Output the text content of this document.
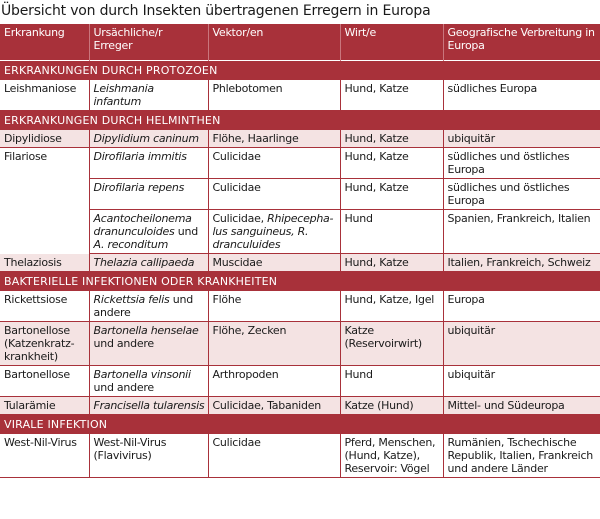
Übersicht von durch Insekten übertragenen Erregern in Europa
Erkrankung	Ursächliche/r Erreger	Vektor/en	Wirt/e	Geografische Verbreitung in Europa
ERKRANKUNGEN DURCH PROTOZOEN				
Leishmaniose	Leishmania infantum	Phlebotomen	Hund, Katze	südliches Europa
ERKRANKUNGEN DURCH HELMINTHEN				
Dipylidiose	Dipylidium caninum	Flöhe, Haarlinge	Hund, Katze	ubiquitär
Filariose	Dirofilaria immitis	Culicidae	Hund, Katze	südliches und östliches Europa
	Dirofilaria repens	Culicidae	Hund, Katze	südliches und östliches Europa
	Acantocheilonema dranunculoides und A. reconditum	Culicidae, Rhipecepha-lus sanguineus, R. dranculuides	Hund	Spanien, Frankreich, Italien
Thelaziosis	Thelazia callipaeda	Muscidae	Hund, Katze	Italien, Frankreich, Schweiz
BAKTERIELLE INFEKTIONEN ODER KRANKHEITEN				
Rickettsiose	Rickettsia felis und andere	Flöhe	Hund, Katze, Igel	Europa
Bartonellose (Katzenkratz-krankheit)	Bartonella henselae und andere	Flöhe, Zecken	Katze (Reservoirwirt)	ubiquitär
Bartonellose	Bartonella vinsonii und andere	Arthropoden	Hund	ubiquitär
Tularämie	Francisella tularensis	Culicidae, Tabaniden	Katze (Hund)	Mittel- und Südeuropa
VIRALE INFEKTION				
West-Nil-Virus	West-Nil-Virus (Flavivirus)	Culicidae	Pferd, Menschen, (Hund, Katze), Reservoir: Vögel	Rumänien, Tschechische Republik, Italien, Frankreich und andere Länder
